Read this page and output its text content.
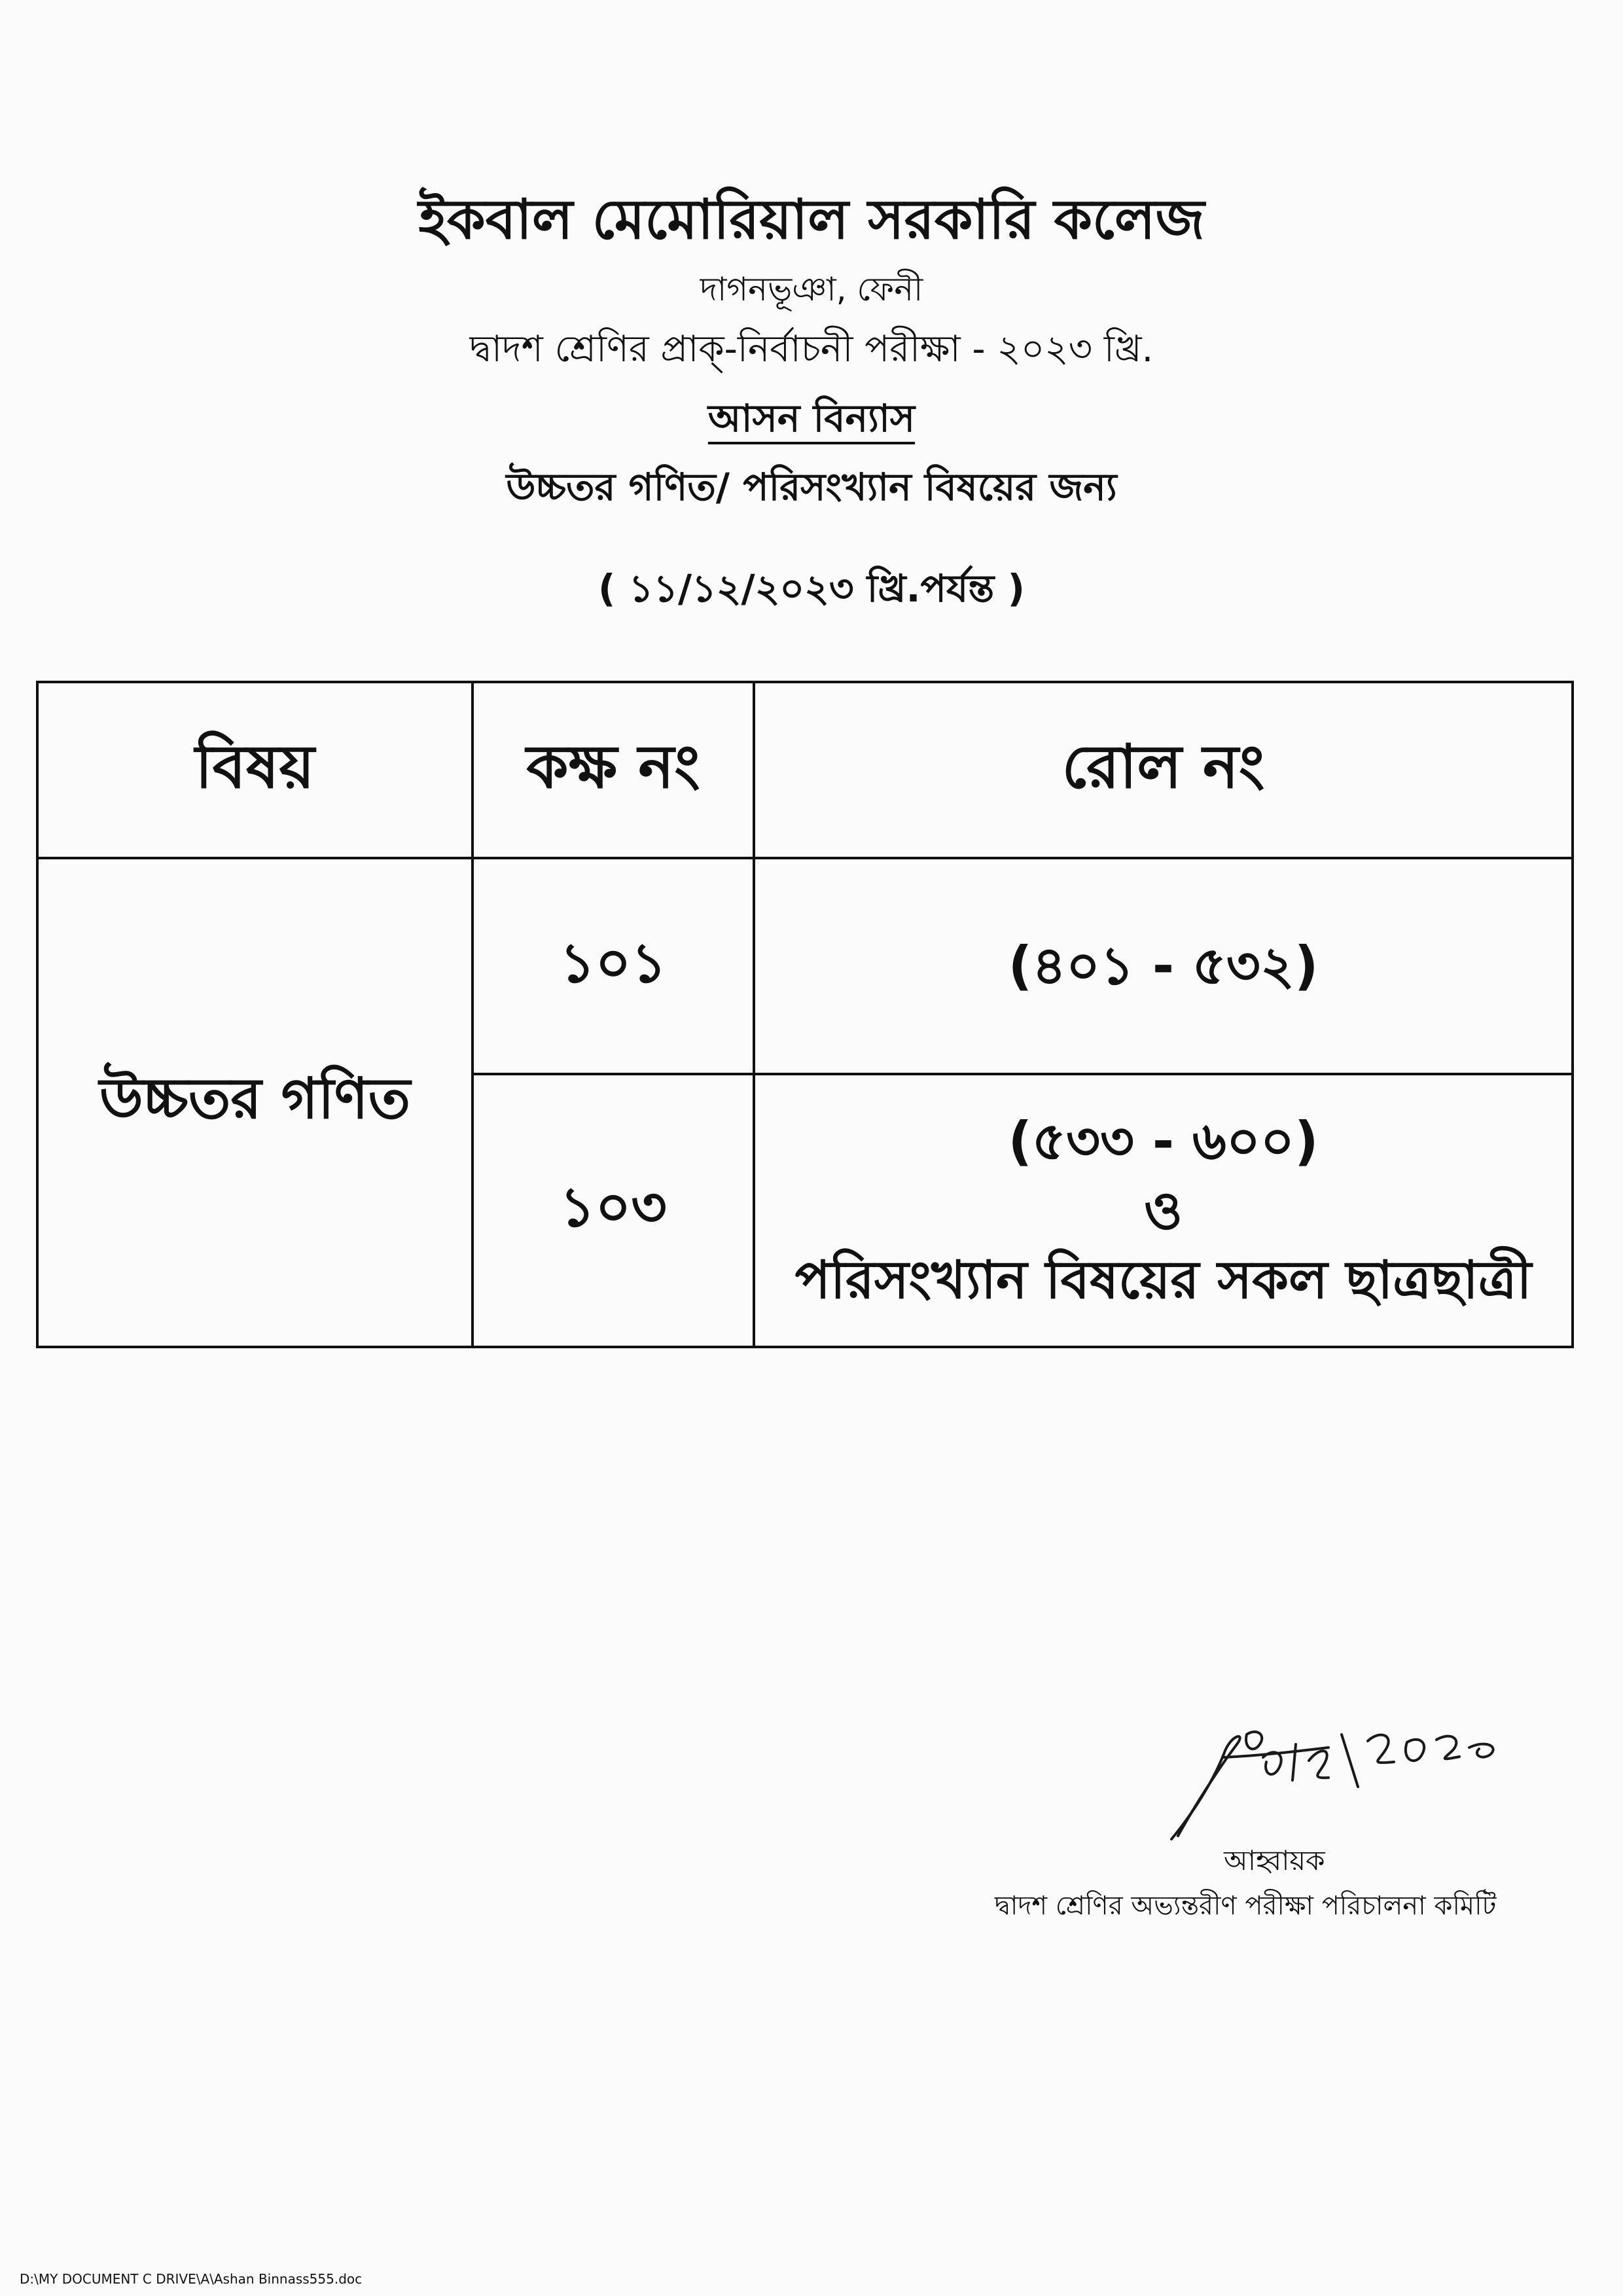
ইকবাল মেমোরিয়াল সরকারি কলেজ
দাগনভূঞা, ফেনী
দ্বাদশ শ্রেণির প্রাক্-নির্বাচনী পরীক্ষা - ২০২৩ খ্রি.
আসন বিন্যাস
উচ্চতর গণিত/ পরিসংখ্যান বিষয়ের জন্য
( ১১/১২/২০২৩ খ্রি.পর্যন্ত )
বিষয়	কক্ষ নং	রোল নং
উচ্চতর গণিত	১০১	(৪০১ - ৫৩২)
	১০৩	(৫৩৩ - ৬০০)
ও
পরিসংখ্যান বিষয়ের সকল ছাত্রছাত্রী
আহ্বায়ক
দ্বাদশ শ্রেণির অভ্যন্তরীণ পরীক্ষা পরিচালনা কমিটি
D:\MY DOCUMENT C DRIVE\A\Ashan Binnass555.doc
